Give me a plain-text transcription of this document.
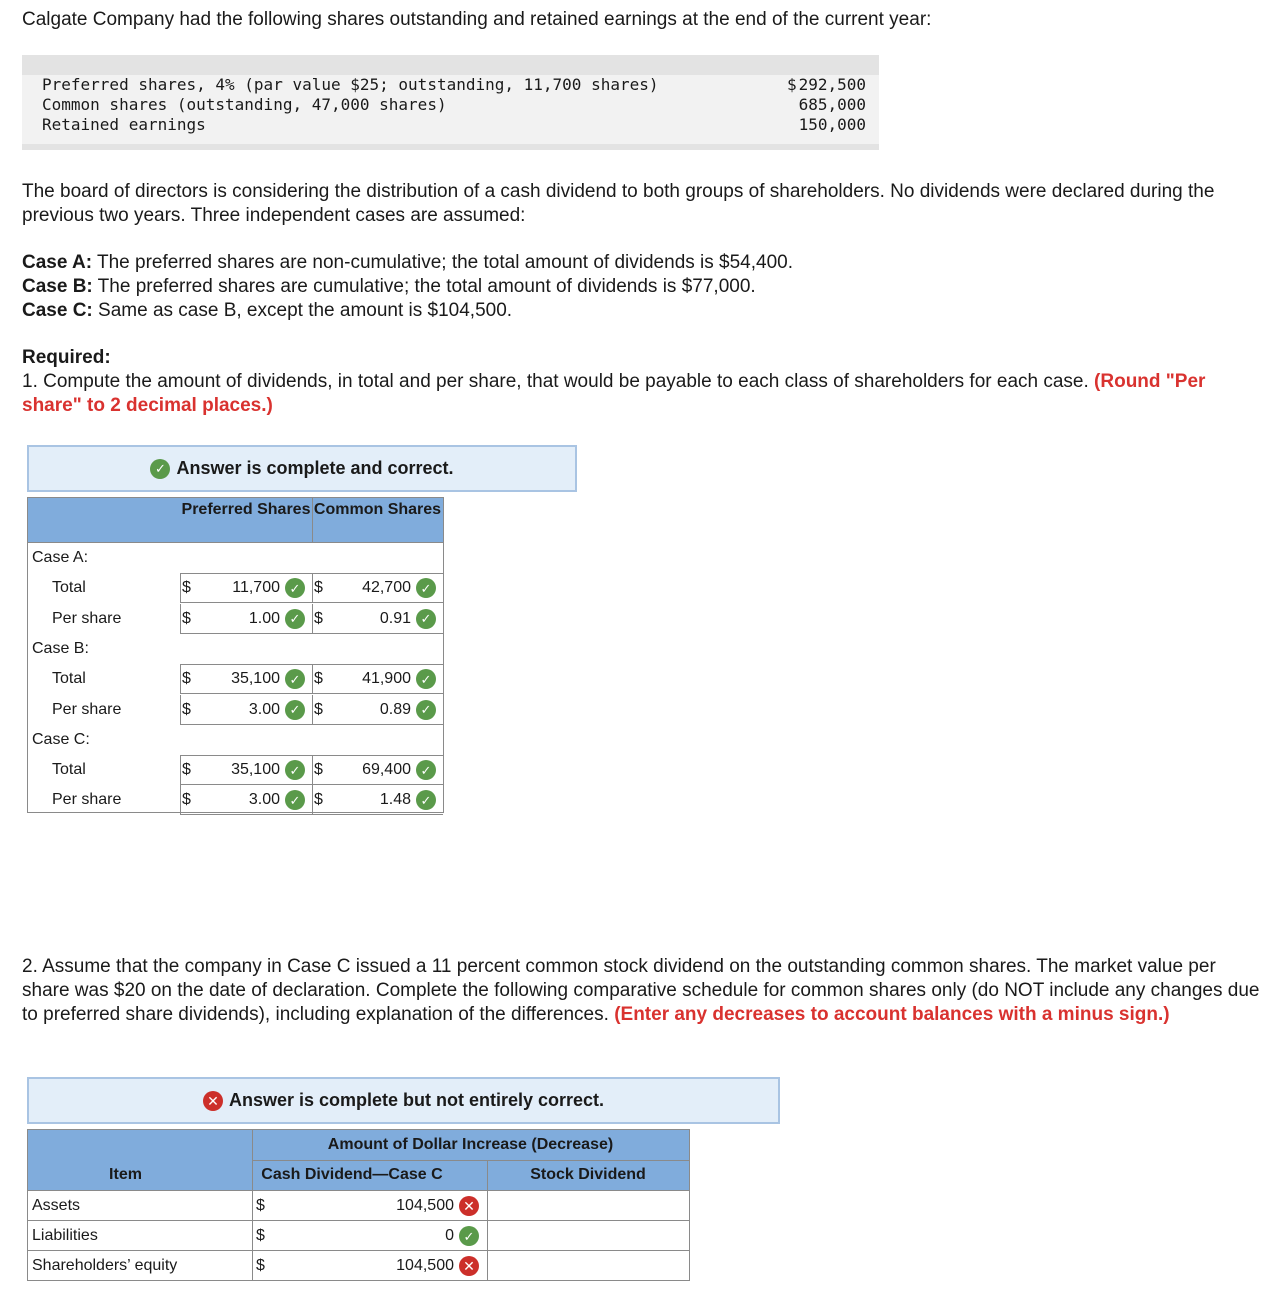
Calgate Company had the following shares outstanding and retained earnings at the end of the current year:

Preferred shares, 4% (par value $25; outstanding, 11,700 shares)	$ 292,500
Common shares (outstanding, 47,000 shares)	685,000
Retained earnings	150,000

The board of directors is considering the distribution of a cash dividend to both groups of shareholders. No dividends were declared during the previous two years. Three independent cases are assumed:

Case A: The preferred shares are non-cumulative; the total amount of dividends is $54,400.

Case B: The preferred shares are cumulative; the total amount of dividends is $77,000.

Case C: Same as case B, except the amount is $104,500.

Required:

1. Compute the amount of dividends, in total and per share, that would be payable to each class of shareholders for each case. (Round "Per share" to 2 decimal places.)

✓ Answer is complete and correct.
Preferred Shares Common Shares
Case A:
Total	$	11,700 ✓ $	42,700 ✓
Per share	$	1.00 ✓ $	0.91 ✓
Case B:
Total	$	35,100 ✓ $	41,900 ✓
Per share	$	3.00 ✓ $	0.89 ✓
Case C:
Total	$	35,100 ✓ $	69,400 ✓
Per share	$	3.00 ✓ $	1.48 ✓

2. Assume that the company in Case C issued a 11 percent common stock dividend on the outstanding common shares. The market value per share was $20 on the date of declaration. Complete the following comparative schedule for common shares only (do NOT include any changes due to preferred share dividends), including explanation of the differences. (Enter any decreases to account balances with a minus sign.)

✕ Answer is complete but not entirely correct.
Amount of Dollar Increase (Decrease)
Item	Cash Dividend—Case C	Stock Dividend
Assets	$	104,500 ✕
Liabilities	$	0 ✓
Shareholders’ equity	$	104,500 ✕
